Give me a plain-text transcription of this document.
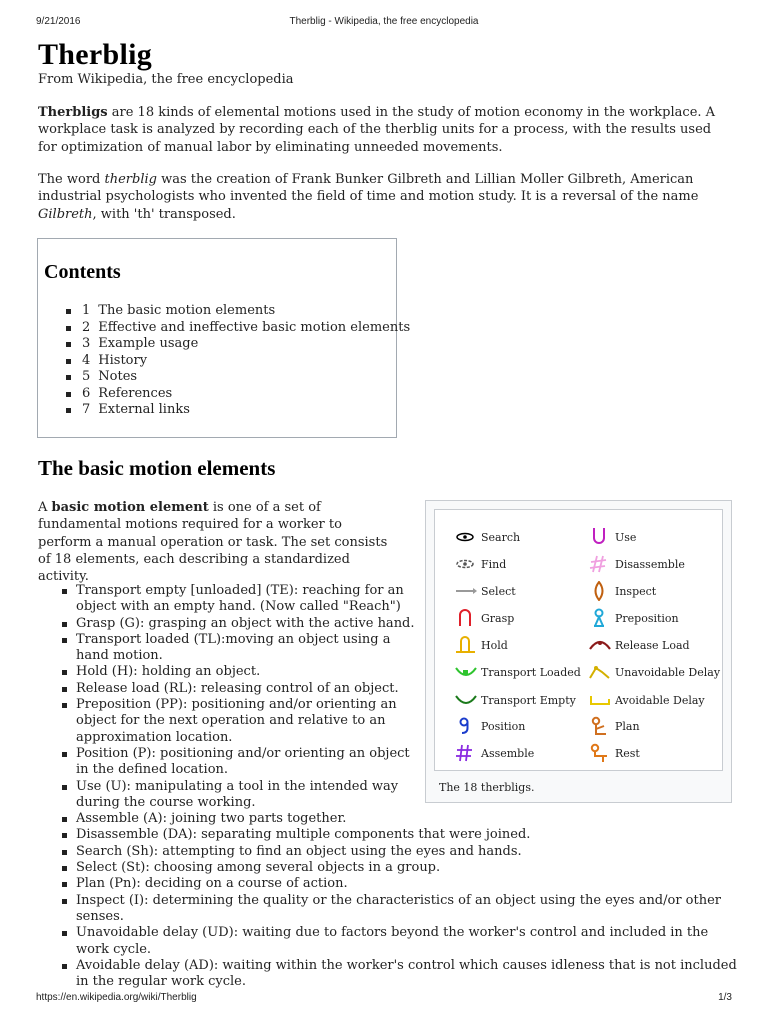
9/21/2016	Therblig - Wikipedia, the free encyclopedia
Therblig
From Wikipedia, the free encyclopedia

Therbligs are 18 kinds of elemental motions used in the study of motion economy in the workplace. A workplace task is analyzed by recording each of the therblig units for a process, with the results used for optimization of manual labor by eliminating unneeded movements.

The word therblig was the creation of Frank Bunker Gilbreth and Lillian Moller Gilbreth, American industrial psychologists who invented the field of time and motion study. It is a reversal of the name Gilbreth, with 'th' transposed.

Contents
1 The basic motion elements
2 Effective and ineffective basic motion elements
3 Example usage
4 History
5 Notes
6 References
7 External links
The basic motion elements

A basic motion element is one of a set of fundamental motions required for a worker to perform a manual operation or task. The set consists of 18 elements, each describing a standardized activity.

Transport empty [unloaded] (TE): reaching for an object with an empty hand. (Now called "Reach")
Grasp (G): grasping an object with the active hand.
Transport loaded (TL):moving an object using a hand motion.
Hold (H): holding an object.
Release load (RL): releasing control of an object.
Preposition (PP): positioning and/or orienting an object for the next operation and relative to an approximation location.
Position (P): positioning and/or orienting an object in the defined location.
Use (U): manipulating a tool in the intended way during the course working.
Assemble (A): joining two parts together.
Disassemble (DA): separating multiple components that were joined.
Search (Sh): attempting to find an object using the eyes and hands.
Select (St): choosing among several objects in a group.
Plan (Pn): deciding on a course of action.
Inspect (I): determining the quality or the characteristics of an object using the eyes and/or other senses.
Unavoidable delay (UD): waiting due to factors beyond the worker's control and included in the work cycle.
Avoidable delay (AD): waiting within the worker's control which causes idleness that is not included in the regular work cycle.
Search
Find
Select
Grasp
Hold
Transport Loaded
Transport Empty
Position
Assemble
Use
Disassemble
Inspect
Preposition
Release Load
Unavoidable Delay
Avoidable Delay
Plan
Rest
The 18 therbligs.
https://en.wikipedia.org/wiki/Therblig	1/3
